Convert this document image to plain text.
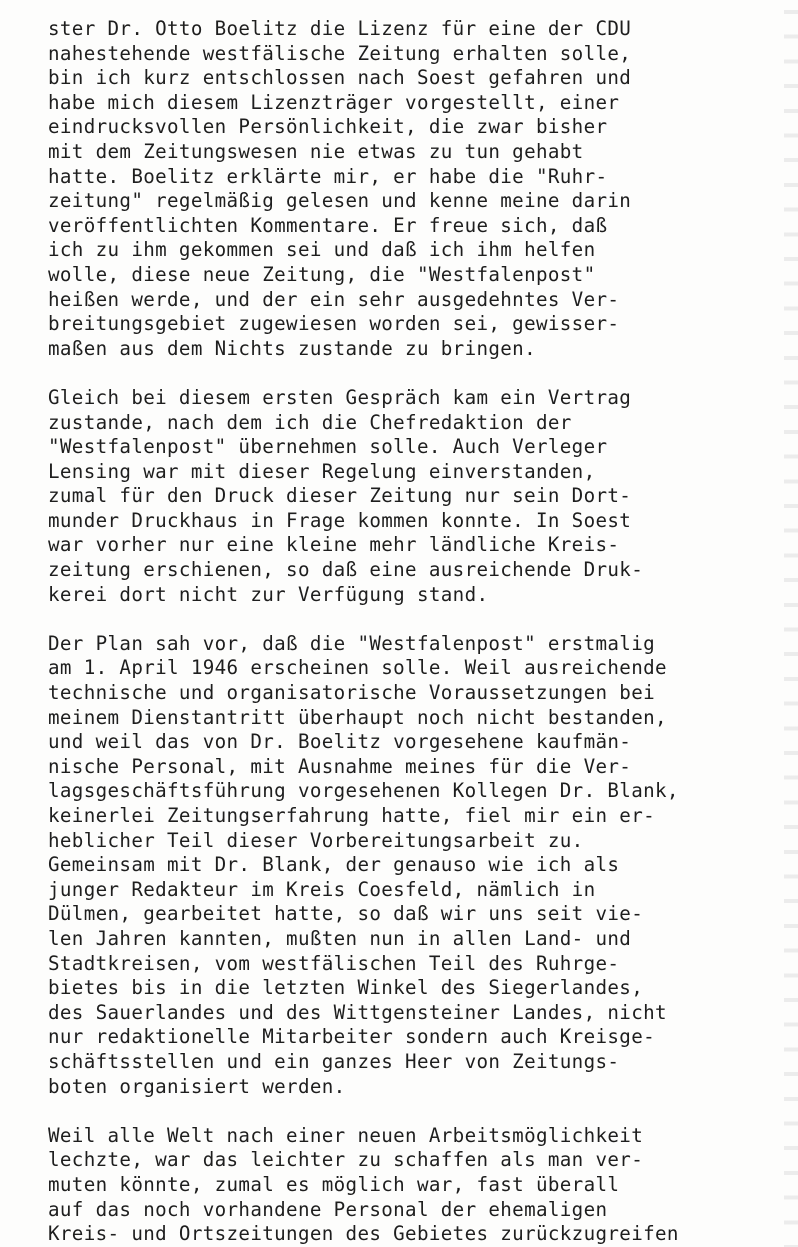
ster Dr. Otto Boelitz die Lizenz für eine der CDU
nahestehende westfälische Zeitung erhalten solle,
bin ich kurz entschlossen nach Soest gefahren und
habe mich diesem Lizenzträger vorgestellt, einer
eindrucksvollen Persönlichkeit, die zwar bisher
mit dem Zeitungswesen nie etwas zu tun gehabt
hatte. Boelitz erklärte mir, er habe die "Ruhr-
zeitung" regelmäßig gelesen und kenne meine darin
veröffentlichten Kommentare. Er freue sich, daß
ich zu ihm gekommen sei und daß ich ihm helfen
wolle, diese neue Zeitung, die "Westfalenpost"
heißen werde, und der ein sehr ausgedehntes Ver-
breitungsgebiet zugewiesen worden sei, gewisser-
maßen aus dem Nichts zustande zu bringen.
Gleich bei diesem ersten Gespräch kam ein Vertrag
zustande, nach dem ich die Chefredaktion der
"Westfalenpost" übernehmen solle. Auch Verleger
Lensing war mit dieser Regelung einverstanden,
zumal für den Druck dieser Zeitung nur sein Dort-
munder Druckhaus in Frage kommen konnte. In Soest
war vorher nur eine kleine mehr ländliche Kreis-
zeitung erschienen, so daß eine ausreichende Druk-
kerei dort nicht zur Verfügung stand.
Der Plan sah vor, daß die "Westfalenpost" erstmalig
am 1. April 1946 erscheinen solle. Weil ausreichende
technische und organisatorische Voraussetzungen bei
meinem Dienstantritt überhaupt noch nicht bestanden,
und weil das von Dr. Boelitz vorgesehene kaufmän-
nische Personal, mit Ausnahme meines für die Ver-
lagsgeschäftsführung vorgesehenen Kollegen Dr. Blank,
keinerlei Zeitungserfahrung hatte, fiel mir ein er-
heblicher Teil dieser Vorbereitungsarbeit zu.
Gemeinsam mit Dr. Blank, der genauso wie ich als
junger Redakteur im Kreis Coesfeld, nämlich in
Dülmen, gearbeitet hatte, so daß wir uns seit vie-
len Jahren kannten, mußten nun in allen Land- und
Stadtkreisen, vom westfälischen Teil des Ruhrge-
bietes bis in die letzten Winkel des Siegerlandes,
des Sauerlandes und des Wittgensteiner Landes, nicht
nur redaktionelle Mitarbeiter sondern auch Kreisge-
schäftsstellen und ein ganzes Heer von Zeitungs-
boten organisiert werden.
Weil alle Welt nach einer neuen Arbeitsmöglichkeit
lechzte, war das leichter zu schaffen als man ver-
muten könnte, zumal es möglich war, fast überall
auf das noch vorhandene Personal der ehemaligen
Kreis- und Ortszeitungen des Gebietes zurückzugreifen
